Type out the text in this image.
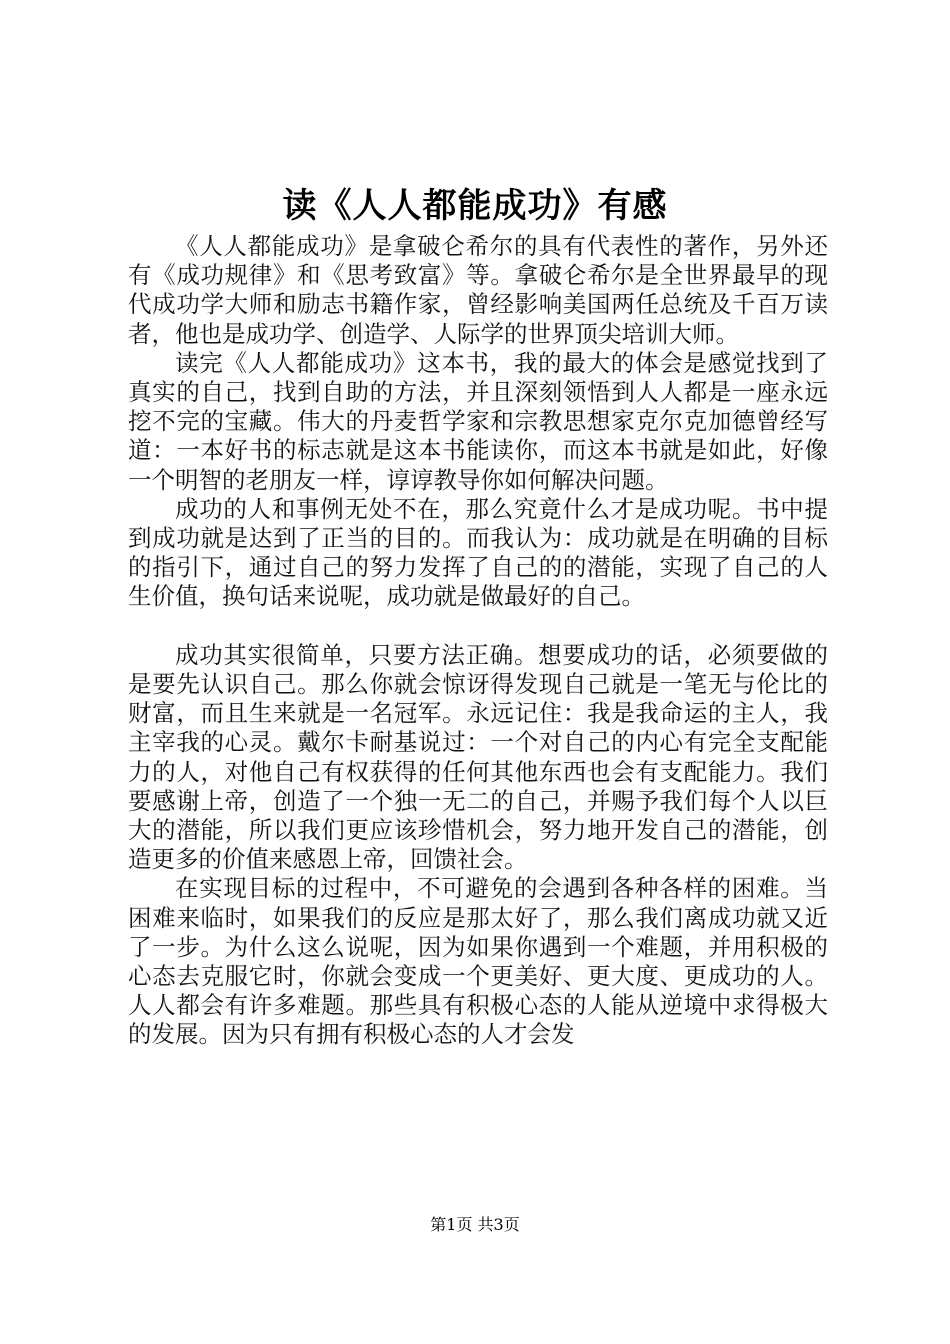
读《人人都能成功》有感

《人人都能成功》是拿破仑希尔的具有代表性的著作，另外还有《成功规律》和《思考致富》等。拿破仑希尔是全世界最早的现代成功学大师和励志书籍作家，曾经影响美国两任总统及千百万读者，他也是成功学、创造学、人际学的世界顶尖培训大师。

读完《人人都能成功》这本书，我的最大的体会是感觉找到了真实的自己，找到自助的方法，并且深刻领悟到人人都是一座永远挖不完的宝藏。伟大的丹麦哲学家和宗教思想家克尔克加德曾经写道：一本好书的标志就是这本书能读你，而这本书就是如此，好像一个明智的老朋友一样，谆谆教导你如何解决问题。

成功的人和事例无处不在，那么究竟什么才是成功呢。书中提到成功就是达到了正当的目的。而我认为：成功就是在明确的目标的指引下，通过自己的努力发挥了自己的的潜能，实现了自己的人生价值，换句话来说呢，成功就是做最好的自己。

成功其实很简单，只要方法正确。想要成功的话，必须要做的是要先认识自己。那么你就会惊讶得发现自己就是一笔无与伦比的财富，而且生来就是一名冠军。永远记住：我是我命运的主人，我主宰我的心灵。戴尔卡耐基说过：一个对自己的内心有完全支配能力的人，对他自己有权获得的任何其他东西也会有支配能力。我们要感谢上帝，创造了一个独一无二的自己，并赐予我们每个人以巨大的潜能，所以我们更应该珍惜机会，努力地开发自己的潜能，创造更多的价值来感恩上帝，回馈社会。

在实现目标的过程中，不可避免的会遇到各种各样的困难。当困难来临时，如果我们的反应是那太好了，那么我们离成功就又近了一步。为什么这么说呢，因为如果你遇到一个难题，并用积极的心态去克服它时，你就会变成一个更美好、更大度、更成功的人。人人都会有许多难题。那些具有积极心态的人能从逆境中求得极大的发展。因为只有拥有积极心态的人才会发

第1页 共3页
